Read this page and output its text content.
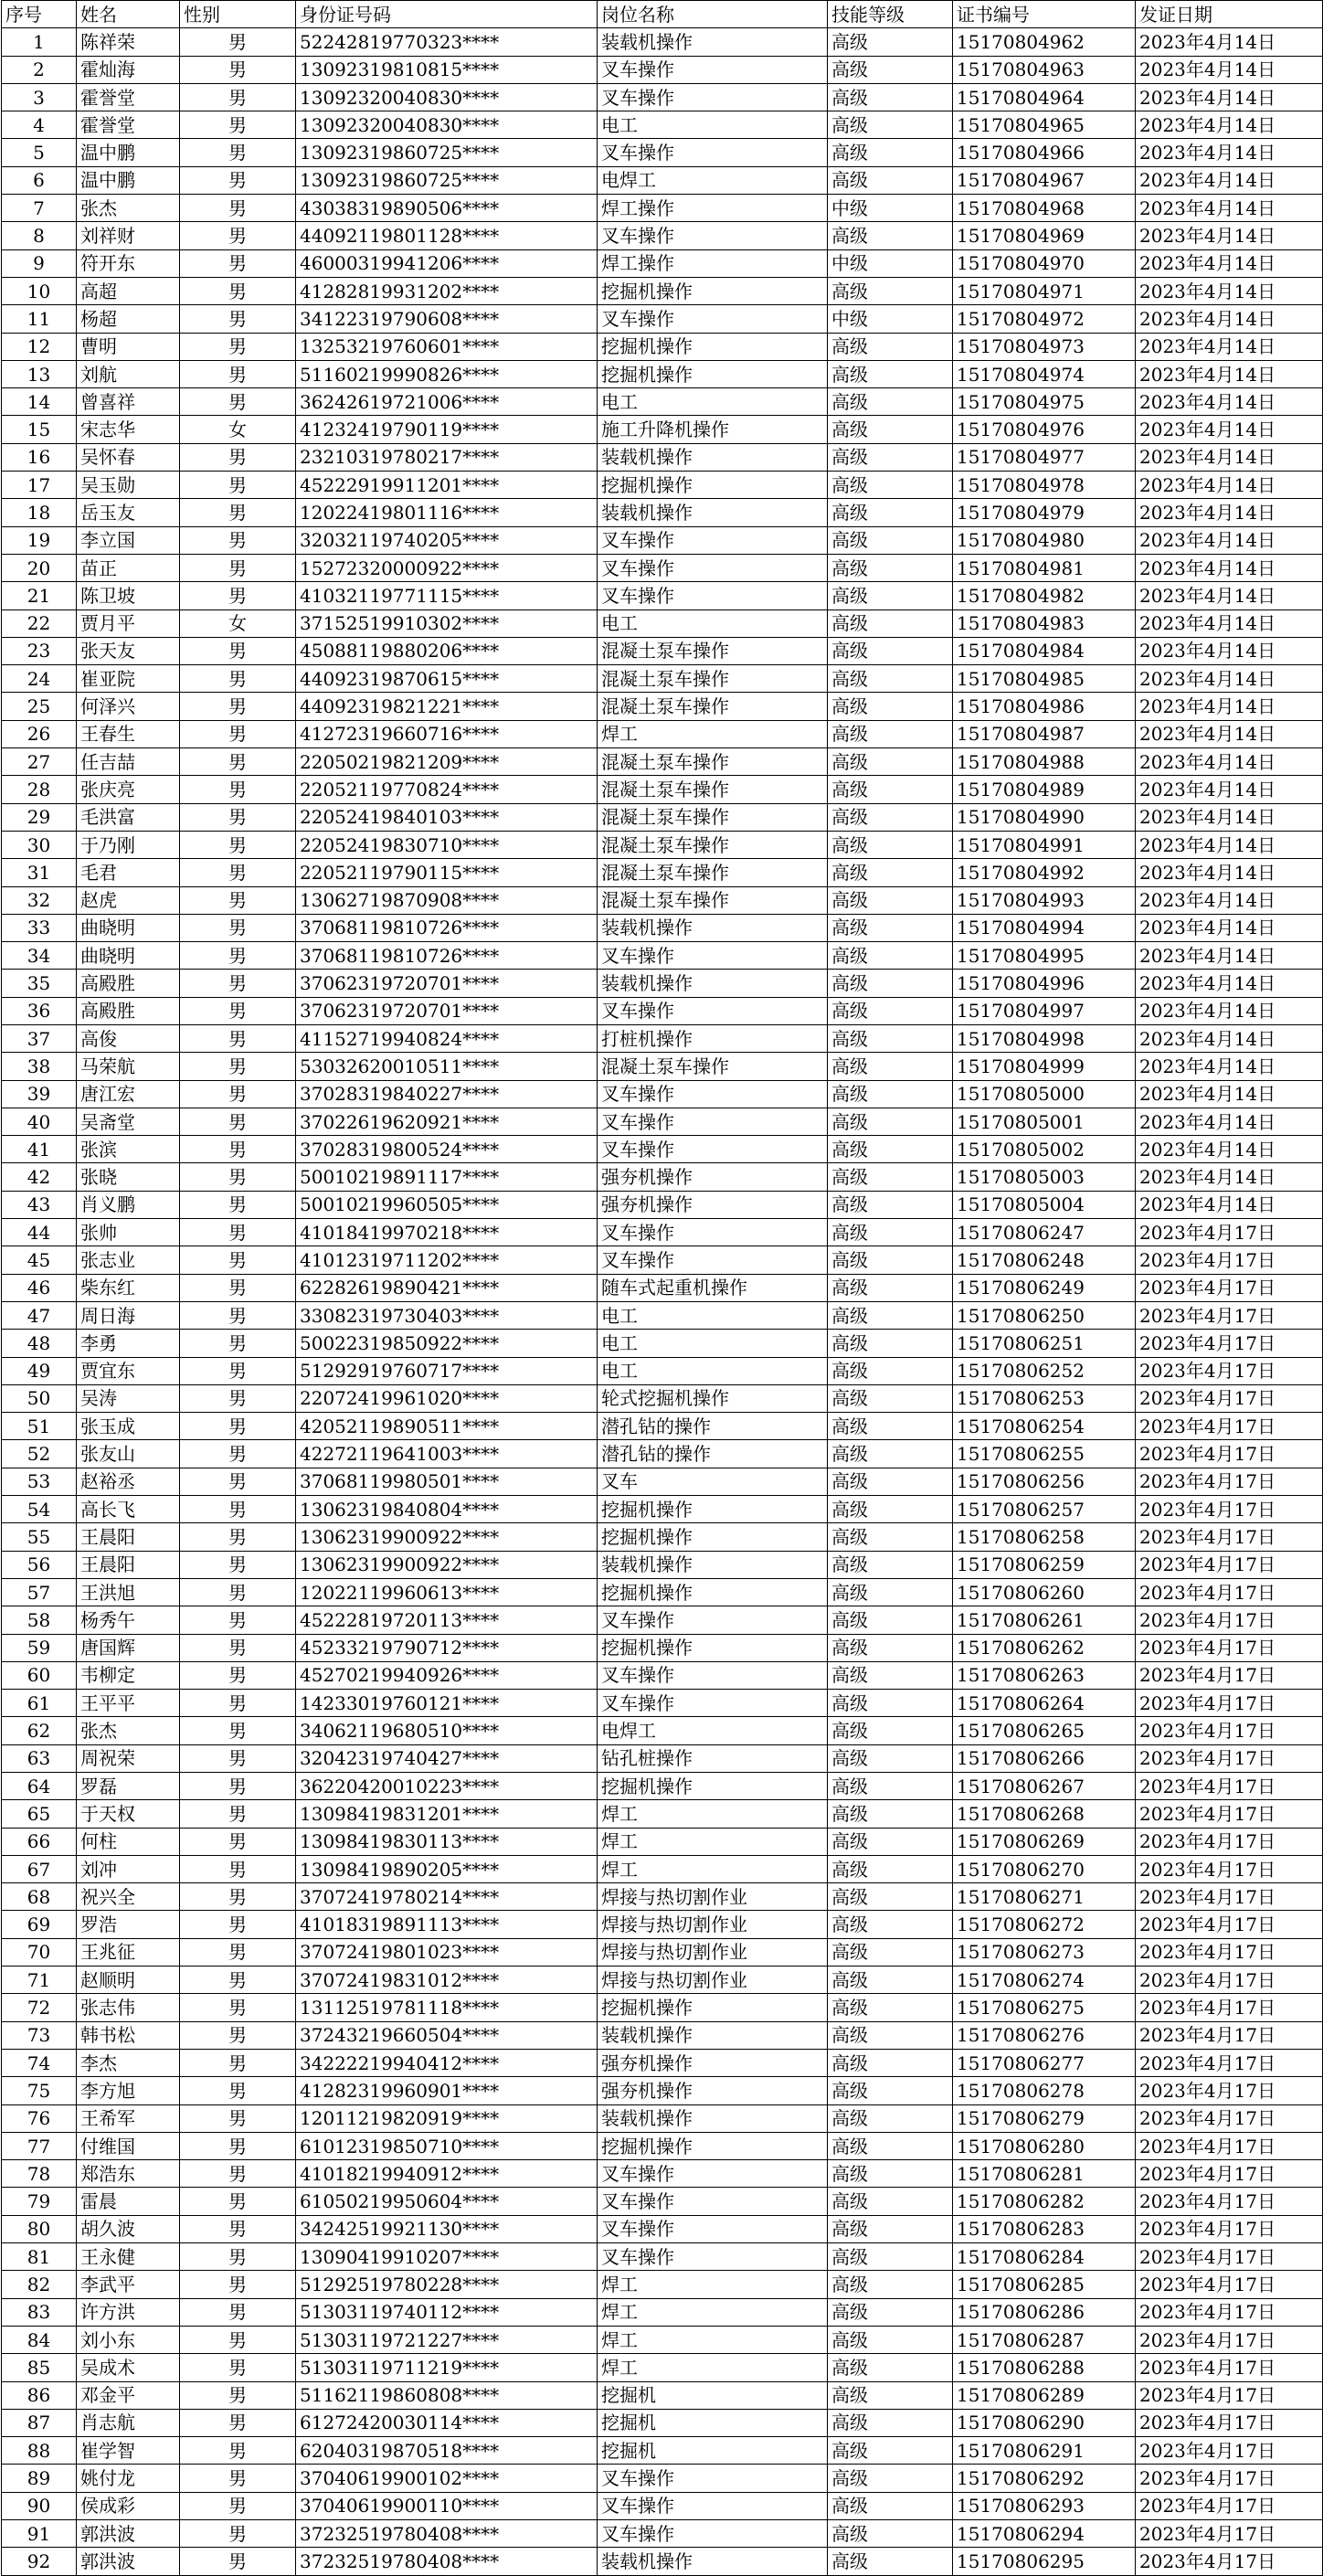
序号	姓名	性别	身份证号码	岗位名称	技能等级	证书编号	发证日期
1	陈祥荣	男	52242819770323****	装载机操作	高级	15170804962	2023年4月14日
2	霍灿海	男	13092319810815****	叉车操作	高级	15170804963	2023年4月14日
3	霍誉堂	男	13092320040830****	叉车操作	高级	15170804964	2023年4月14日
4	霍誉堂	男	13092320040830****	电工	高级	15170804965	2023年4月14日
5	温中鹏	男	13092319860725****	叉车操作	高级	15170804966	2023年4月14日
6	温中鹏	男	13092319860725****	电焊工	高级	15170804967	2023年4月14日
7	张杰	男	43038319890506****	焊工操作	中级	15170804968	2023年4月14日
8	刘祥财	男	44092119801128****	叉车操作	高级	15170804969	2023年4月14日
9	符开东	男	46000319941206****	焊工操作	中级	15170804970	2023年4月14日
10	高超	男	41282819931202****	挖掘机操作	高级	15170804971	2023年4月14日
11	杨超	男	34122319790608****	叉车操作	中级	15170804972	2023年4月14日
12	曹明	男	13253219760601****	挖掘机操作	高级	15170804973	2023年4月14日
13	刘航	男	51160219990826****	挖掘机操作	高级	15170804974	2023年4月14日
14	曾喜祥	男	36242619721006****	电工	高级	15170804975	2023年4月14日
15	宋志华	女	41232419790119****	施工升降机操作	高级	15170804976	2023年4月14日
16	吴怀春	男	23210319780217****	装载机操作	高级	15170804977	2023年4月14日
17	吴玉勋	男	45222919911201****	挖掘机操作	高级	15170804978	2023年4月14日
18	岳玉友	男	12022419801116****	装载机操作	高级	15170804979	2023年4月14日
19	李立国	男	32032119740205****	叉车操作	高级	15170804980	2023年4月14日
20	苗正	男	15272320000922****	叉车操作	高级	15170804981	2023年4月14日
21	陈卫坡	男	41032119771115****	叉车操作	高级	15170804982	2023年4月14日
22	贾月平	女	37152519910302****	电工	高级	15170804983	2023年4月14日
23	张天友	男	45088119880206****	混凝土泵车操作	高级	15170804984	2023年4月14日
24	崔亚院	男	44092319870615****	混凝土泵车操作	高级	15170804985	2023年4月14日
25	何泽兴	男	44092319821221****	混凝土泵车操作	高级	15170804986	2023年4月14日
26	王春生	男	41272319660716****	焊工	高级	15170804987	2023年4月14日
27	任吉喆	男	22050219821209****	混凝土泵车操作	高级	15170804988	2023年4月14日
28	张庆亮	男	22052119770824****	混凝土泵车操作	高级	15170804989	2023年4月14日
29	毛洪富	男	22052419840103****	混凝土泵车操作	高级	15170804990	2023年4月14日
30	于乃刚	男	22052419830710****	混凝土泵车操作	高级	15170804991	2023年4月14日
31	毛君	男	22052119790115****	混凝土泵车操作	高级	15170804992	2023年4月14日
32	赵虎	男	13062719870908****	混凝土泵车操作	高级	15170804993	2023年4月14日
33	曲晓明	男	37068119810726****	装载机操作	高级	15170804994	2023年4月14日
34	曲晓明	男	37068119810726****	叉车操作	高级	15170804995	2023年4月14日
35	高殿胜	男	37062319720701****	装载机操作	高级	15170804996	2023年4月14日
36	高殿胜	男	37062319720701****	叉车操作	高级	15170804997	2023年4月14日
37	高俊	男	41152719940824****	打桩机操作	高级	15170804998	2023年4月14日
38	马荣航	男	53032620010511****	混凝土泵车操作	高级	15170804999	2023年4月14日
39	唐江宏	男	37028319840227****	叉车操作	高级	15170805000	2023年4月14日
40	吴斋堂	男	37022619620921****	叉车操作	高级	15170805001	2023年4月14日
41	张滨	男	37028319800524****	叉车操作	高级	15170805002	2023年4月14日
42	张晓	男	50010219891117****	强夯机操作	高级	15170805003	2023年4月14日
43	肖义鹏	男	50010219960505****	强夯机操作	高级	15170805004	2023年4月14日
44	张帅	男	41018419970218****	叉车操作	高级	15170806247	2023年4月17日
45	张志业	男	41012319711202****	叉车操作	高级	15170806248	2023年4月17日
46	柴东红	男	62282619890421****	随车式起重机操作	高级	15170806249	2023年4月17日
47	周日海	男	33082319730403****	电工	高级	15170806250	2023年4月17日
48	李勇	男	50022319850922****	电工	高级	15170806251	2023年4月17日
49	贾宜东	男	51292919760717****	电工	高级	15170806252	2023年4月17日
50	吴涛	男	22072419961020****	轮式挖掘机操作	高级	15170806253	2023年4月17日
51	张玉成	男	42052119890511****	潜孔钻的操作	高级	15170806254	2023年4月17日
52	张友山	男	42272119641003****	潜孔钻的操作	高级	15170806255	2023年4月17日
53	赵裕丞	男	37068119980501****	叉车	高级	15170806256	2023年4月17日
54	高长飞	男	13062319840804****	挖掘机操作	高级	15170806257	2023年4月17日
55	王晨阳	男	13062319900922****	挖掘机操作	高级	15170806258	2023年4月17日
56	王晨阳	男	13062319900922****	装载机操作	高级	15170806259	2023年4月17日
57	王洪旭	男	12022119960613****	挖掘机操作	高级	15170806260	2023年4月17日
58	杨秀午	男	45222819720113****	叉车操作	高级	15170806261	2023年4月17日
59	唐国辉	男	45233219790712****	挖掘机操作	高级	15170806262	2023年4月17日
60	韦柳定	男	45270219940926****	叉车操作	高级	15170806263	2023年4月17日
61	王平平	男	14233019760121****	叉车操作	高级	15170806264	2023年4月17日
62	张杰	男	34062119680510****	电焊工	高级	15170806265	2023年4月17日
63	周祝荣	男	32042319740427****	钻孔桩操作	高级	15170806266	2023年4月17日
64	罗磊	男	36220420010223****	挖掘机操作	高级	15170806267	2023年4月17日
65	于天权	男	13098419831201****	焊工	高级	15170806268	2023年4月17日
66	何柱	男	13098419830113****	焊工	高级	15170806269	2023年4月17日
67	刘冲	男	13098419890205****	焊工	高级	15170806270	2023年4月17日
68	祝兴全	男	37072419780214****	焊接与热切割作业	高级	15170806271	2023年4月17日
69	罗浩	男	41018319891113****	焊接与热切割作业	高级	15170806272	2023年4月17日
70	王兆征	男	37072419801023****	焊接与热切割作业	高级	15170806273	2023年4月17日
71	赵顺明	男	37072419831012****	焊接与热切割作业	高级	15170806274	2023年4月17日
72	张志伟	男	13112519781118****	挖掘机操作	高级	15170806275	2023年4月17日
73	韩书松	男	37243219660504****	装载机操作	高级	15170806276	2023年4月17日
74	李杰	男	34222219940412****	强夯机操作	高级	15170806277	2023年4月17日
75	李方旭	男	41282319960901****	强夯机操作	高级	15170806278	2023年4月17日
76	王希军	男	12011219820919****	装载机操作	高级	15170806279	2023年4月17日
77	付维国	男	61012319850710****	挖掘机操作	高级	15170806280	2023年4月17日
78	郑浩东	男	41018219940912****	叉车操作	高级	15170806281	2023年4月17日
79	雷晨	男	61050219950604****	叉车操作	高级	15170806282	2023年4月17日
80	胡久波	男	34242519921130****	叉车操作	高级	15170806283	2023年4月17日
81	王永健	男	13090419910207****	叉车操作	高级	15170806284	2023年4月17日
82	李武平	男	51292519780228****	焊工	高级	15170806285	2023年4月17日
83	许方洪	男	51303119740112****	焊工	高级	15170806286	2023年4月17日
84	刘小东	男	51303119721227****	焊工	高级	15170806287	2023年4月17日
85	吴成术	男	51303119711219****	焊工	高级	15170806288	2023年4月17日
86	邓金平	男	51162119860808****	挖掘机	高级	15170806289	2023年4月17日
87	肖志航	男	61272420030114****	挖掘机	高级	15170806290	2023年4月17日
88	崔学智	男	62040319870518****	挖掘机	高级	15170806291	2023年4月17日
89	姚付龙	男	37040619900102****	叉车操作	高级	15170806292	2023年4月17日
90	侯成彩	男	37040619900110****	叉车操作	高级	15170806293	2023年4月17日
91	郭洪波	男	37232519780408****	叉车操作	高级	15170806294	2023年4月17日
92	郭洪波	男	37232519780408****	装载机操作	高级	15170806295	2023年4月17日
